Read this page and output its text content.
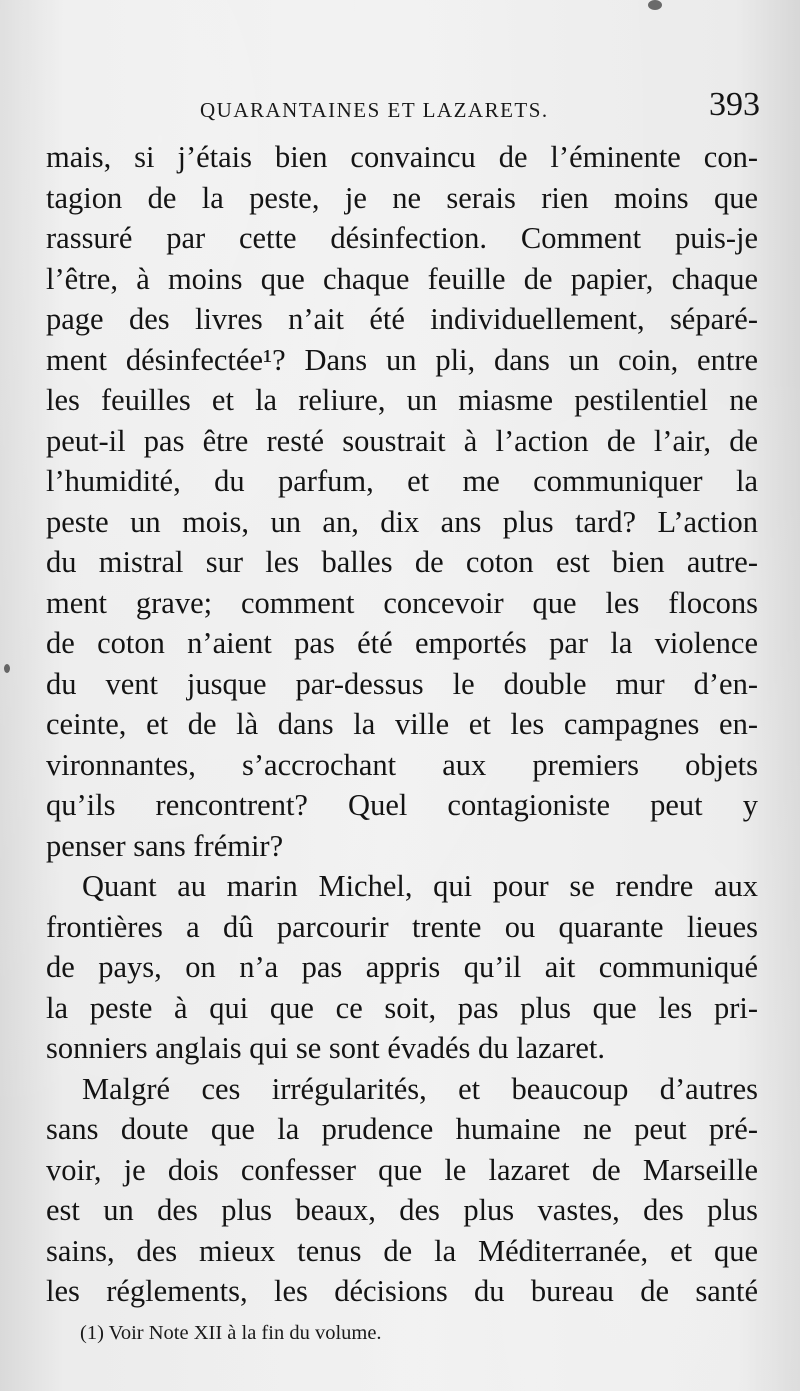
QUARANTAINES ET LAZARETS.	393
mais, si j’étais bien convaincu de l’éminente con-
tagion de la peste, je ne serais rien moins que
rassuré par cette désinfection. Comment puis-je
l’être, à moins que chaque feuille de papier, chaque
page des livres n’ait été individuellement, séparé-
ment désinfectée¹? Dans un pli, dans un coin, entre
les feuilles et la reliure, un miasme pestilentiel ne
peut-il pas être resté soustrait à l’action de l’air, de
l’humidité, du parfum, et me communiquer la
peste un mois, un an, dix ans plus tard? L’action
du mistral sur les balles de coton est bien autre-
ment grave; comment concevoir que les flocons
de coton n’aient pas été emportés par la violence
du vent jusque par-dessus le double mur d’en-
ceinte, et de là dans la ville et les campagnes en-
vironnantes, s’accrochant aux premiers objets
qu’ils rencontrent? Quel contagioniste peut y
penser sans frémir?
Quant au marin Michel, qui pour se rendre aux
frontières a dû parcourir trente ou quarante lieues
de pays, on n’a pas appris qu’il ait communiqué
la peste à qui que ce soit, pas plus que les pri-
sonniers anglais qui se sont évadés du lazaret.
Malgré ces irrégularités, et beaucoup d’autres
sans doute que la prudence humaine ne peut pré-
voir, je dois confesser que le lazaret de Marseille
est un des plus beaux, des plus vastes, des plus
sains, des mieux tenus de la Méditerranée, et que
les réglements, les décisions du bureau de santé
(1) Voir Note XII à la fin du volume.
